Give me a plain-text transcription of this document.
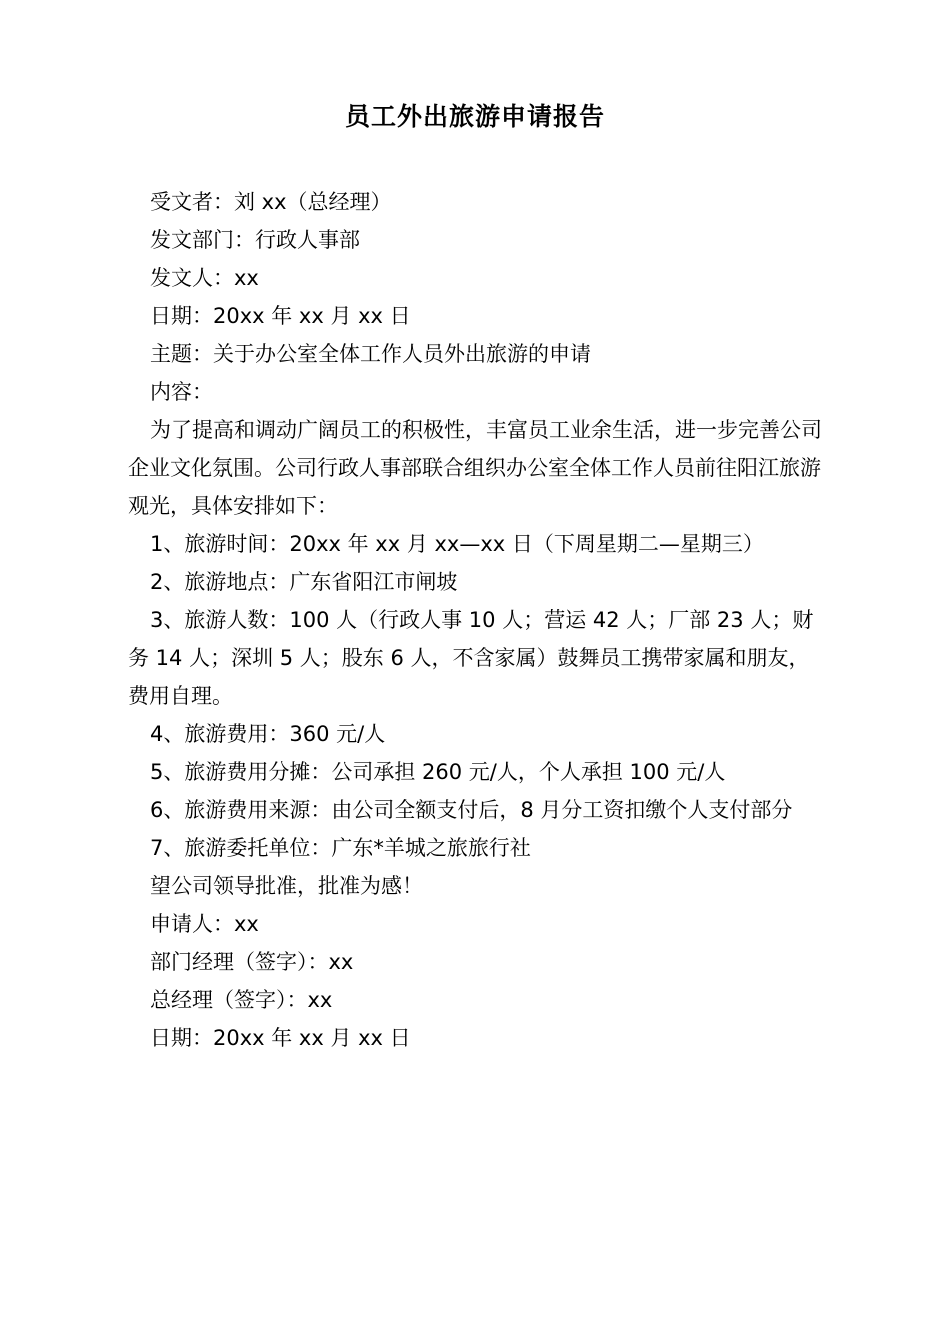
员工外出旅游申请报告
受文者：刘 xx（总经理）
发文部门：行政人事部
发文人：xx
日期：20xx 年 xx 月 xx 日
主题：关于办公室全体工作人员外出旅游的申请
内容：
为了提高和调动广阔员工的积极性，丰富员工业余生活，进一步完善公司企业文化氛围。公司行政人事部联合组织办公室全体工作人员前往阳江旅游观光，具体安排如下：
1、旅游时间：20xx 年 xx 月 xx—xx 日（下周星期二—星期三）
2、旅游地点：广东省阳江市闸坡
3、旅游人数：100 人（行政人事 10 人；营运 42 人；厂部 23 人；财务 14 人；深圳 5 人；股东 6 人，不含家属）鼓舞员工携带家属和朋友，费用自理。
4、旅游费用：360 元/人
5、旅游费用分摊：公司承担 260 元/人，个人承担 100 元/人
6、旅游费用来源：由公司全额支付后，8 月分工资扣缴个人支付部分
7、旅游委托单位：广东*羊城之旅旅行社
望公司领导批准，批准为感！
申请人：xx
部门经理（签字）：xx
总经理（签字）：xx
日期：20xx 年 xx 月 xx 日
